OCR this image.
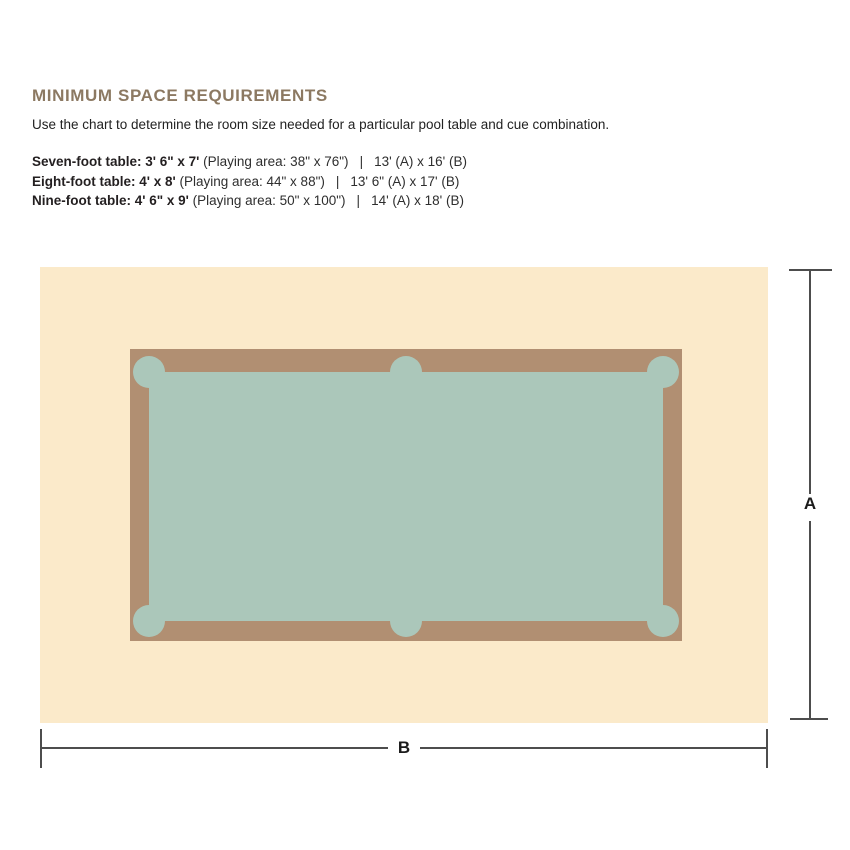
MINIMUM SPACE REQUIREMENTS

Use the chart to determine the room size needed for a particular pool table and cue combination.

Seven-foot table: 3' 6" x 7' (Playing area: 38" x 76") | 13' (A) x 16' (B)
Eight-foot table: 4' x 8' (Playing area: 44" x 88") | 13' 6" (A) x 17' (B)
Nine-foot table: 4' 6" x 9' (Playing area: 50" x 100") | 14' (A) x 18' (B)
A
B
